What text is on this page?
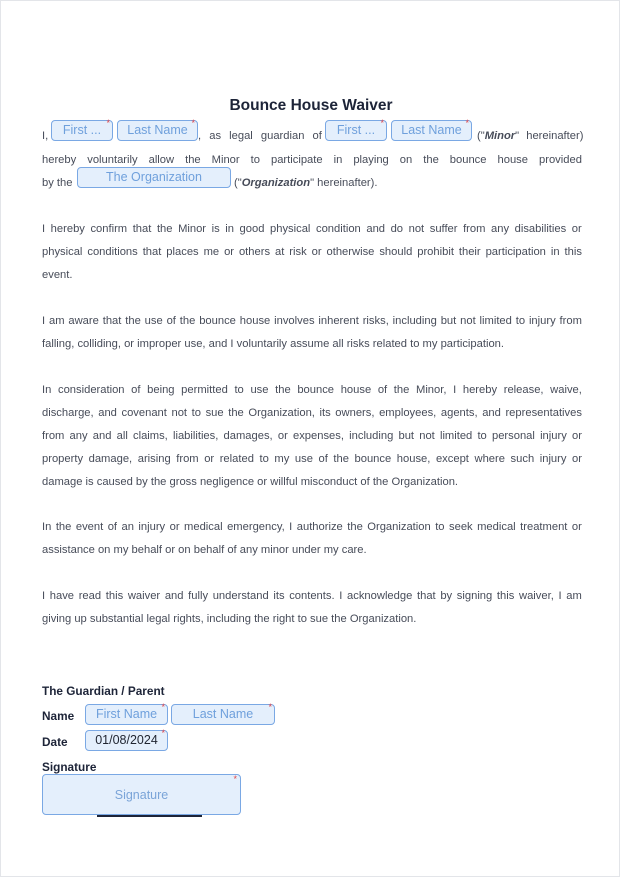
Bounce House Waiver
I,	First ... *	Last Name *
, as legal guardian of	First ... *	Last Name *
("Minor" hereinafter)
hereby voluntarily allow the Minor to participate in playing on the bounce house provided
by the	The Organization	("Organization" hereinafter).
I hereby confirm that the Minor is in good physical condition and do not suffer from any disabilities or
physical conditions that places me or others at risk or otherwise should prohibit their participation in this
event.
I am aware that the use of the bounce house involves inherent risks, including but not limited to injury from
falling, colliding, or improper use, and I voluntarily assume all risks related to my participation.
In consideration of being permitted to use the bounce house of the Minor, I hereby release, waive,
discharge, and covenant not to sue the Organization, its owners, employees, agents, and representatives
from any and all claims, liabilities, damages, or expenses, including but not limited to personal injury or
property damage, arising from or related to my use of the bounce house, except where such injury or
damage is caused by the gross negligence or willful misconduct of the Organization.
In the event of an injury or medical emergency, I authorize the Organization to seek medical treatment or
assistance on my behalf or on behalf of any minor under my care.
I have read this waiver and fully understand its contents. I acknowledge that by signing this waiver, I am
giving up substantial legal rights, including the right to sue the Organization.
The Guardian / Parent
Name	First Name *	Last Name *
Date	01/08/2024 *
Signature
Signature
*
